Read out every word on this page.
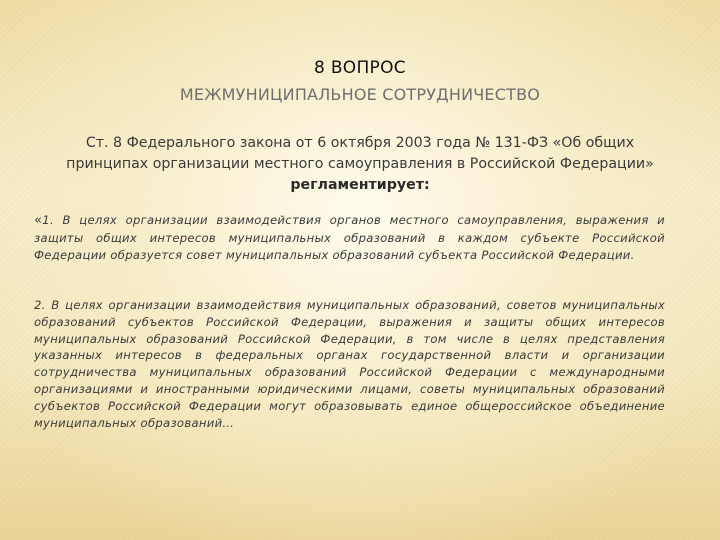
8 ВОПРОС
МЕЖМУНИЦИПАЛЬНОЕ СОТРУДНИЧЕСТВО
Ст. 8 Федерального закона от 6 октября 2003 года № 131-ФЗ «Об общих принципах организации местного самоуправления в Российской Федерации» регламентирует:
«1. В целях организации взаимодействия органов местного самоуправления, выражения и защиты общих интересов муниципальных образований в каждом субъекте Российской Федерации образуется совет муниципальных образований субъекта Российской Федерации.
2. В целях организации взаимодействия муниципальных образований, советов муниципальных образований субъектов Российской Федерации, выражения и защиты общих интересов муниципальных образований Российской Федерации, в том числе в целях представления указанных интересов в федеральных органах государственной власти и организации сотрудничества муниципальных образований Российской Федерации с международными организациями и иностранными юридическими лицами, советы муниципальных образований субъектов Российской Федерации могут образовывать единое общероссийское объединение муниципальных образований…
